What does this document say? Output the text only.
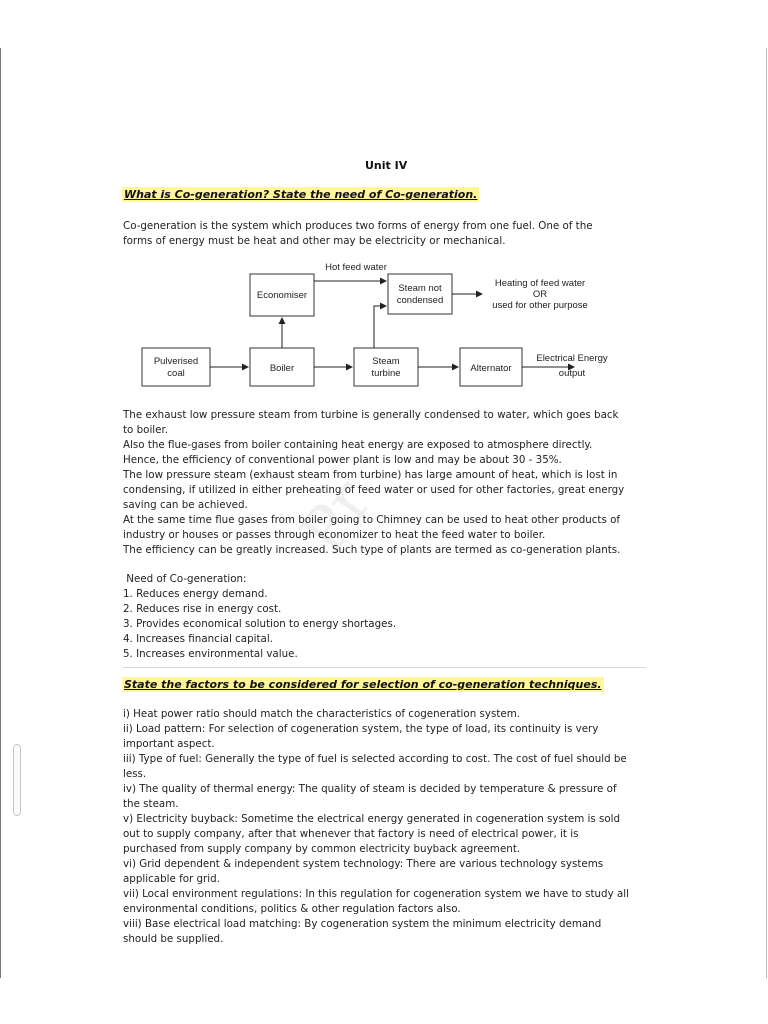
Pr
Unit IV
What is Co-generation? State the need of Co-generation.

Co-generation is the system which produces two forms of energy from one fuel. One of the

forms of energy must be heat and other may be electricity or mechanical.

Economiser
Hot feed water
Steam not
condensed
Heating of feed water
OR
used for other purpose
Pulverised
coal	Boiler
Steam
turbine	Alternator
Electrical Energy
output

The exhaust low pressure steam from turbine is generally condensed to water, which goes back

to boiler.

Also the flue-gases from boiler containing heat energy are exposed to atmosphere directly.

Hence, the efficiency of conventional power plant is low and may be about 30 - 35%.

The low pressure steam (exhaust steam from turbine) has large amount of heat, which is lost in

condensing, if utilized in either preheating of feed water or used for other factories, great energy

saving can be achieved.

At the same time flue gases from boiler going to Chimney can be used to heat other products of

industry or houses or passes through economizer to heat the feed water to boiler.

The efficiency can be greatly increased. Such type of plants are termed as co-generation plants.

Need of Co-generation:

1. Reduces energy demand.

2. Reduces rise in energy cost.

3. Provides economical solution to energy shortages.

4. Increases financial capital.

5. Increases environmental value.

State the factors to be considered for selection of co-generation techniques.

i) Heat power ratio should match the characteristics of cogeneration system.

ii) Load pattern: For selection of cogeneration system, the type of load, its continuity is very

important aspect.

iii) Type of fuel: Generally the type of fuel is selected according to cost. The cost of fuel should be

less.

iv) The quality of thermal energy: The quality of steam is decided by temperature & pressure of

the steam.

v) Electricity buyback: Sometime the electrical energy generated in cogeneration system is sold

out to supply company, after that whenever that factory is need of electrical power, it is

purchased from supply company by common electricity buyback agreement.

vi) Grid dependent & independent system technology: There are various technology systems

applicable for grid.

vii) Local environment regulations: In this regulation for cogeneration system we have to study all

environmental conditions, politics & other regulation factors also.

viii) Base electrical load matching: By cogeneration system the minimum electricity demand

should be supplied.
